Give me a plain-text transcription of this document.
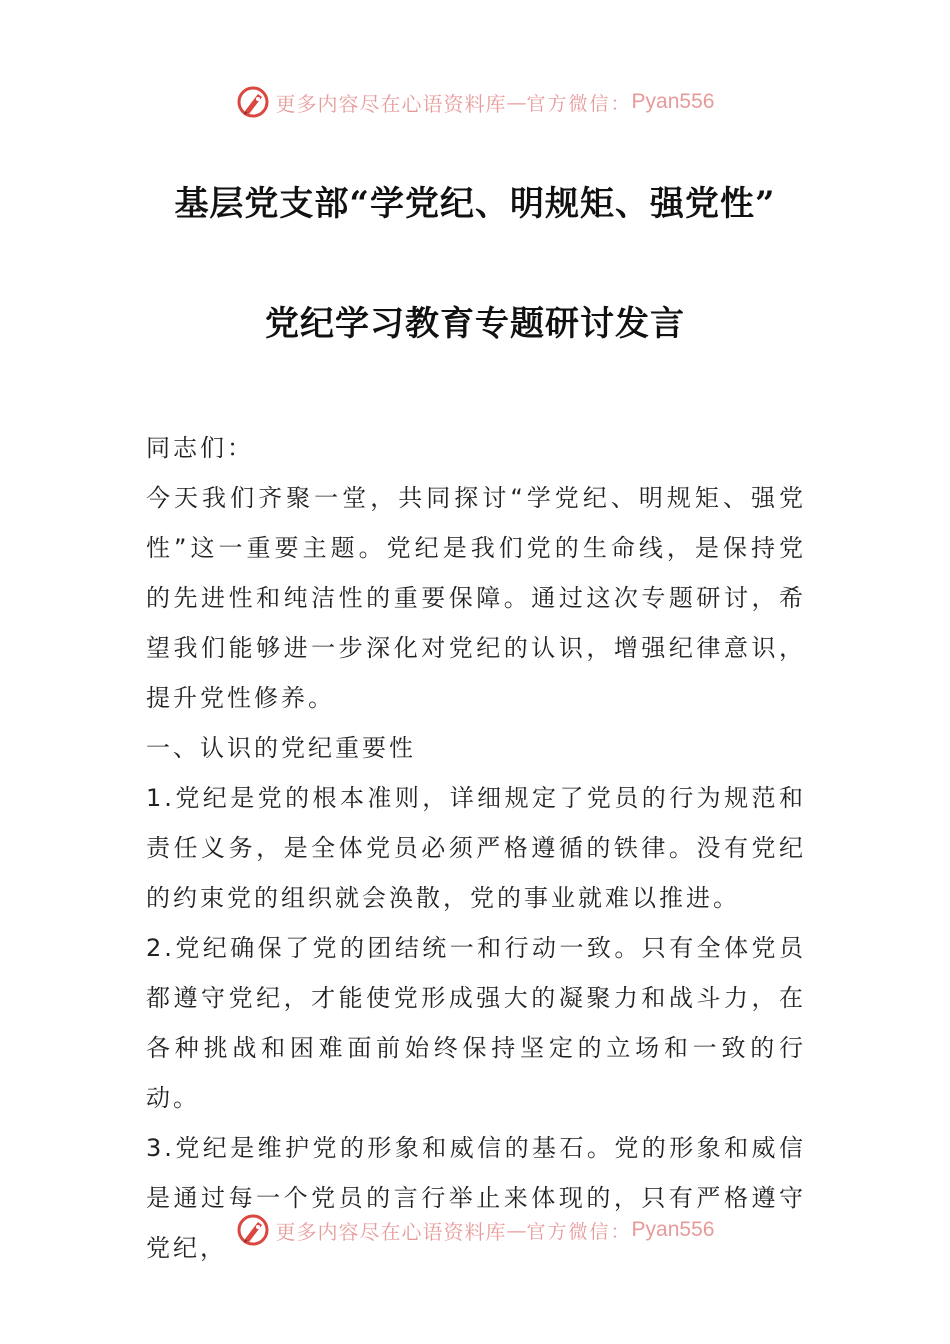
更多内容尽在心语资料库 — 官方微信： Pyan556
基层党支部“学党纪、明规矩、强党性”
党纪学习教育专题研讨发言

同志们：

今天我们齐聚一堂，共同探讨“学党纪、明规矩、强党性”这一重要主题。党纪是我们党的生命线，是保持党的先进性和纯洁性的重要保障。通过这次专题研讨，希望我们能够进一步深化对党纪的认识，增强纪律意识，提升党性修养。

一、认识的党纪重要性

1.党纪是党的根本准则，详细规定了党员的行为规范和责任义务，是全体党员必须严格遵循的铁律。没有党纪的约束党的组织就会涣散，党的事业就难以推进。

2.党纪确保了党的团结统一和行动一致。只有全体党员都遵守党纪，才能使党形成强大的凝聚力和战斗力，在各种挑战和困难面前始终保持坚定的立场和一致的行动。

3.党纪是维护党的形象和威信的基石。党的形象和威信是通过每一个党员的言行举止来体现的，只有严格遵守党纪，

更多内容尽在心语资料库 — 官方微信： Pyan556
